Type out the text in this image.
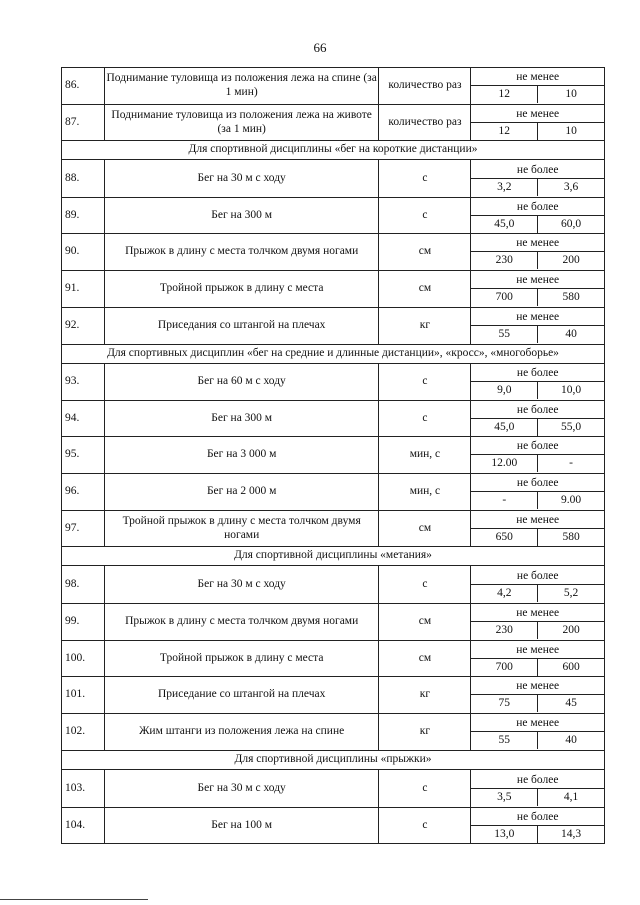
66
86.	Поднимание туловища из положения лежа на спине (за 1 мин)	количество раз	не менее
12 10

87.	Поднимание туловища из положения лежа на животе (за 1 мин)	количество раз	не менее
12 10

Для спортивной дисциплины «бег на короткие дистанции»			
88.	Бег на 30 м с ходу	с	не более
3,2 3,6

89.	Бег на 300 м	с	не более
45,0 60,0

90.	Прыжок в длину с места толчком двумя ногами	см	не менее
230 200

91.	Тройной прыжок в длину с места	см	не менее
700 580

92.	Приседания со штангой на плечах	кг	не менее
55 40

Для спортивных дисциплин «бег на средние и длинные дистанции», «кросс», «многоборье»			
93.	Бег на 60 м с ходу	с	не более
9,0 10,0

94.	Бег на 300 м	с	не более
45,0 55,0

95.	Бег на 3 000 м	мин, с	не более
12.00 -

96.	Бег на 2 000 м	мин, с	не более
- 9.00

97.	Тройной прыжок в длину с места толчком двумя ногами	см	не менее
650 580

Для спортивной дисциплины «метания»			
98.	Бег на 30 м с ходу	с	не более
4,2 5,2

99.	Прыжок в длину с места толчком двумя ногами	см	не менее
230 200

100.	Тройной прыжок в длину с места	см	не менее
700 600

101.	Приседание со штангой на плечах	кг	не менее
75 45

102.	Жим штанги из положения лежа на спине	кг	не менее
55 40

Для спортивной дисциплины «прыжки»			
103.	Бег на 30 м с ходу	с	не более
3,5 4,1

104.	Бег на 100 м	с	не более
13,0 14,3
